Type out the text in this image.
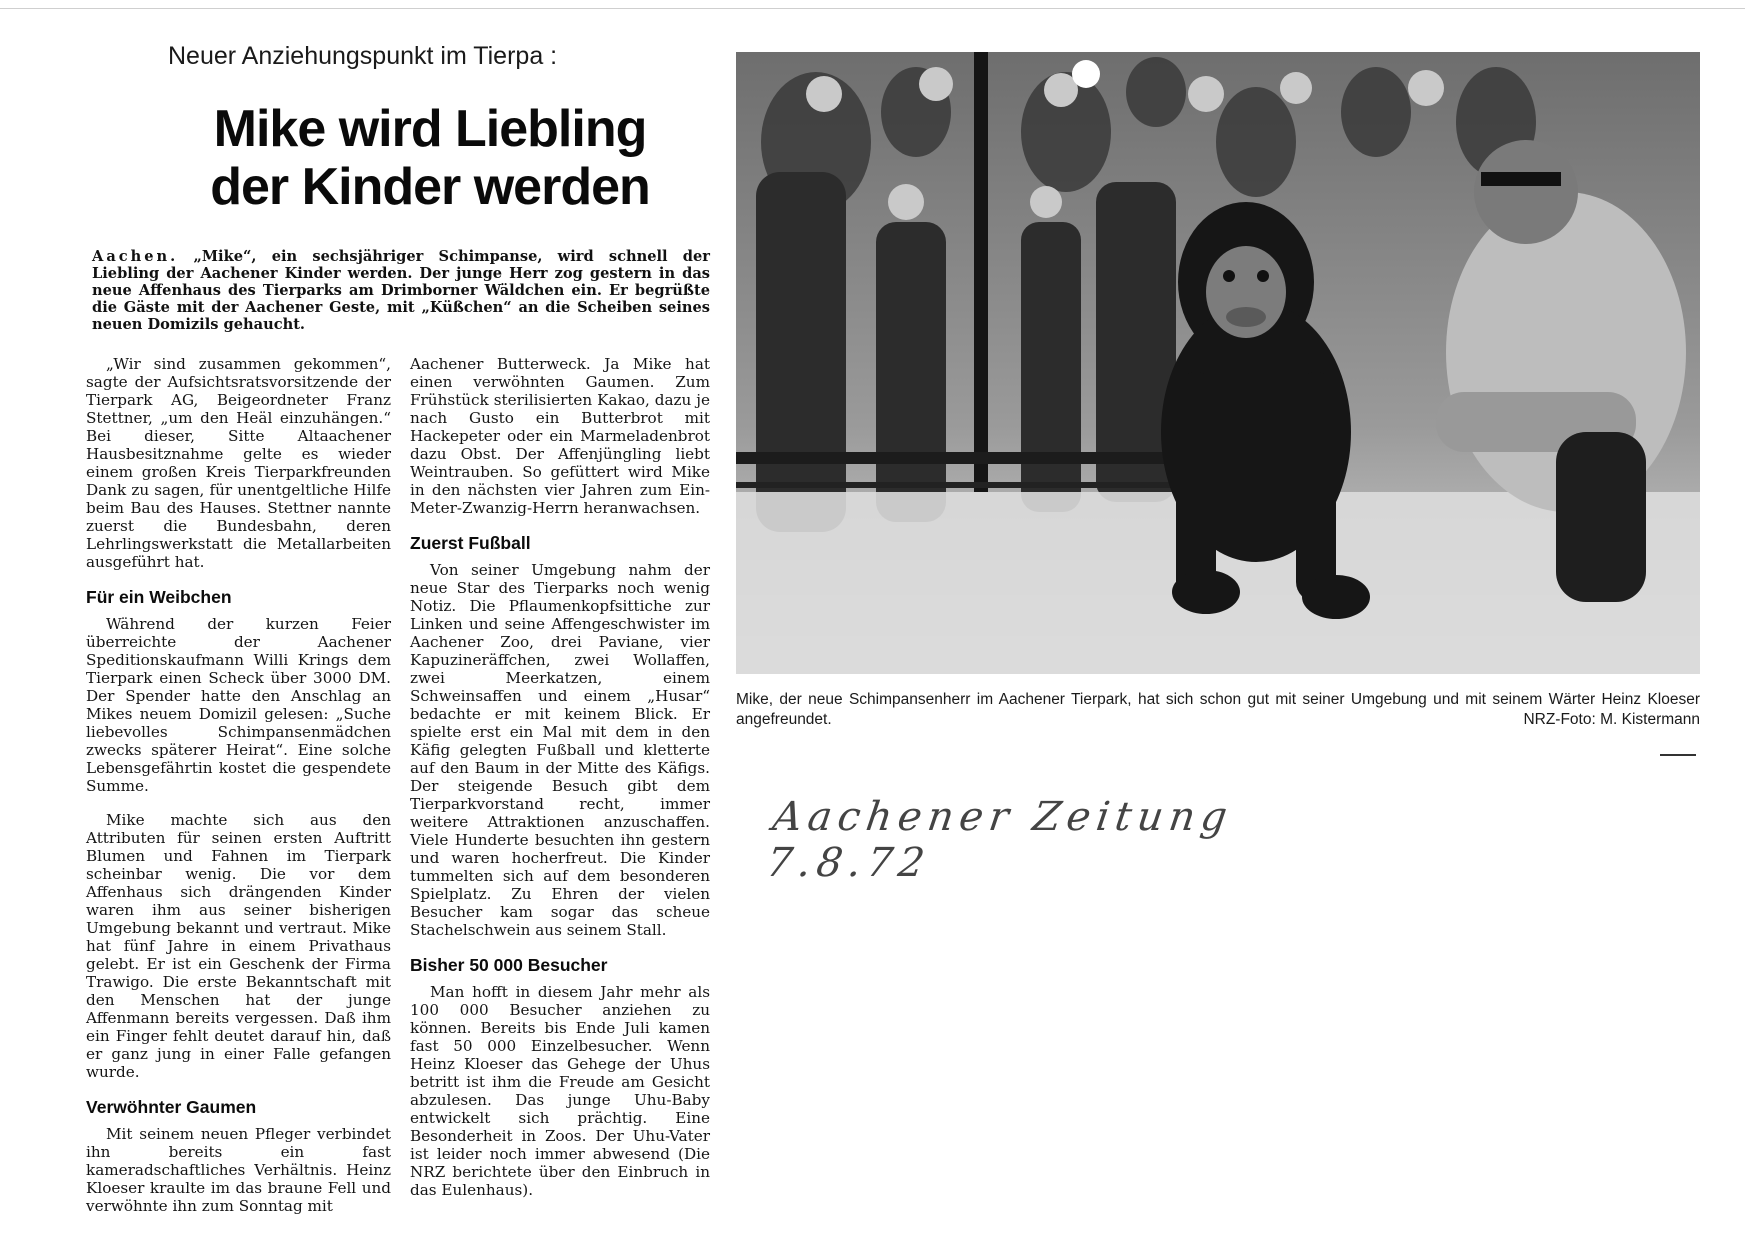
Neuer Anziehungspunkt im Tierpa :
Mike wird Liebling
der Kinder werden
Aachen. „Mike“, ein sechsjähriger Schimpanse, wird schnell der Liebling der Aachener Kinder werden. Der junge Herr zog gestern in das neue Affenhaus des Tierparks am Drimborner Wäldchen ein. Er begrüßte die Gäste mit der Aachener Geste, mit „Küßchen“ an die Scheiben seines neuen Domizils gehaucht.

„Wir sind zusammen gekommen“, sagte der Aufsichtsratsvorsitzende der Tierpark AG, Beigeordneter Franz Stettner, „um den Heäl einzuhängen.“ Bei dieser, Sitte Altaachener Hausbesitznahme gelte es wieder einem großen Kreis Tierparkfreunden Dank zu sagen, für unentgeltliche Hilfe beim Bau des Hauses. Stettner nannte zuerst die Bundesbahn, deren Lehrlingswerkstatt die Metallarbeiten ausgeführt hat.

Für ein Weibchen

Während der kurzen Feier überreichte der Aachener Speditionskaufmann Willi Krings dem Tierpark einen Scheck über 3000 DM. Der Spender hatte den Anschlag an Mikes neuem Domizil gelesen: „Suche liebevolles Schimpansenmädchen zwecks späterer Heirat“. Eine solche Lebensgefährtin kostet die gespendete Summe.

Mike machte sich aus den Attributen für seinen ersten Auftritt Blumen und Fahnen im Tierpark scheinbar wenig. Die vor dem Affenhaus sich drängenden Kinder waren ihm aus seiner bisherigen Umgebung bekannt und vertraut. Mike hat fünf Jahre in einem Privathaus gelebt. Er ist ein Geschenk der Firma Trawigo. Die erste Bekanntschaft mit den Menschen hat der junge Affenmann bereits vergessen. Daß ihm ein Finger fehlt deutet darauf hin, daß er ganz jung in einer Falle gefangen wurde.

Verwöhnter Gaumen

Mit seinem neuen Pfleger verbindet ihn bereits ein fast kameradschaftliches Verhältnis. Heinz Kloeser kraulte im das braune Fell und verwöhnte ihn zum Sonntag mit

Aachener Butterweck. Ja Mike hat einen verwöhnten Gaumen. Zum Frühstück sterilisierten Kakao, dazu je nach Gusto ein Butterbrot mit Hackepeter oder ein Marmeladenbrot dazu Obst. Der Affenjüngling liebt Weintrauben. So gefüttert wird Mike in den nächsten vier Jahren zum Ein-Meter-Zwanzig-Herrn heranwachsen.

Zuerst Fußball

Von seiner Umgebung nahm der neue Star des Tierparks noch wenig Notiz. Die Pflaumenkopfsittiche zur Linken und seine Affengeschwister im Aachener Zoo, drei Paviane, vier Kapuzineräffchen, zwei Wollaffen, zwei Meerkatzen, einem Schweinsaffen und einem „Husar“ bedachte er mit keinem Blick. Er spielte erst ein Mal mit dem in den Käfig gelegten Fußball und kletterte auf den Baum in der Mitte des Käfigs. Der steigende Besuch gibt dem Tierparkvorstand recht, immer weitere Attraktionen anzuschaffen. Viele Hunderte besuchten ihn gestern und waren hocherfreut. Die Kinder tummelten sich auf dem besonderen Spielplatz. Zu Ehren der vielen Besucher kam sogar das scheue Stachelschwein aus seinem Stall.

Bisher 50 000 Besucher

Man hofft in diesem Jahr mehr als 100 000 Besucher anziehen zu können. Bereits bis Ende Juli kamen fast 50 000 Einzelbesucher. Wenn Heinz Kloeser das Gehege der Uhus betritt ist ihm die Freude am Gesicht abzulesen. Das junge Uhu-Baby entwickelt sich prächtig. Eine Besonderheit in Zoos. Der Uhu-Vater ist leider noch immer abwesend (Die NRZ berichtete über den Einbruch in das Eulenhaus).

Mike, der neue Schimpansenherr im Aachener Tierpark, hat sich schon gut mit seiner Umgebung und mit seinem Wärter Heinz Kloeser angefreundet.	NRZ-Foto: M. Kistermann
Aachener Zeitung 7.8.72
